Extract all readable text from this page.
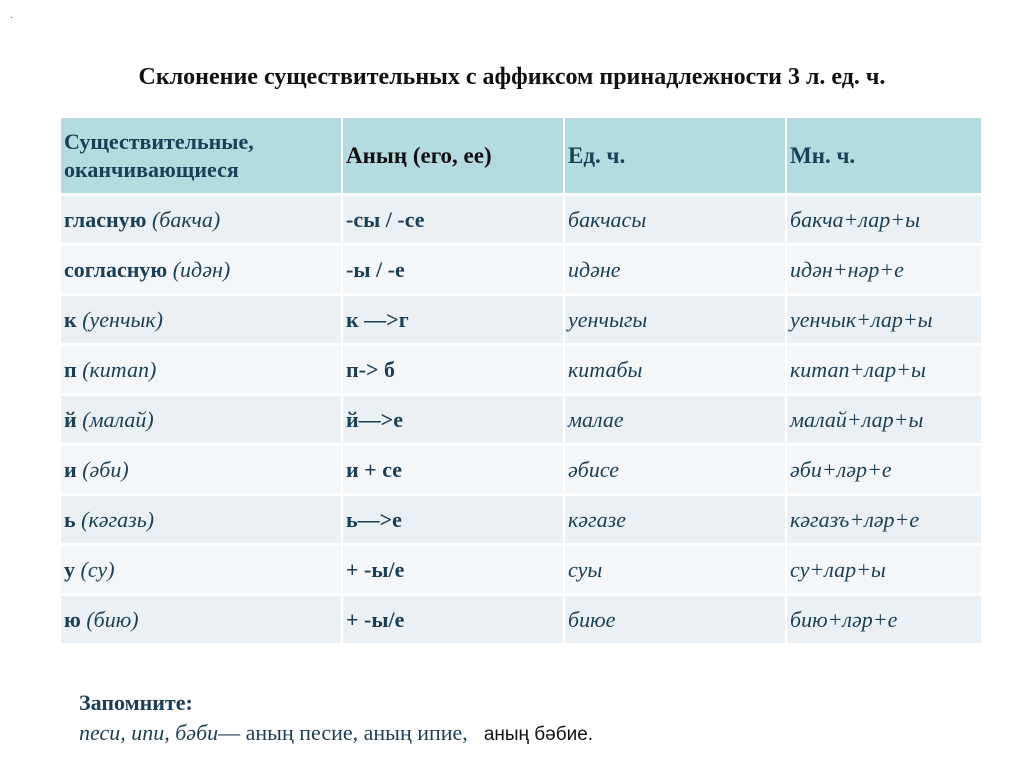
.
Склонение существительных с аффиксом принадлежности 3 л. ед. ч.
Существительные, оканчивающиеся	Аның (его, ее)	Ед. ч.	Мн. ч.
гласную (бакча)	-сы / -се	бакчасы	бакча+лар+ы
согласную (идән)	-ы / -е	идәне	идән+нәр+е
к (уенчык)	к —>г	уенчыгы	уенчык+лар+ы
п (китап)	п-> б	китабы	китап+лар+ы
й (малай)	й—>е	малае	малай+лар+ы
и (әби)	и + се	әбисе	әби+ләр+е
ь (кәгазь)	ь—>е	кәгазе	кәгазъ+ләр+е
у (су)	+ -ы/е	суы	су+лар+ы
ю (бию)	+ -ы/е	биюе	бию+ләр+е
Запомните:
песи, ипи, бәби— аның песие, аның ипие, аның бәбие.
